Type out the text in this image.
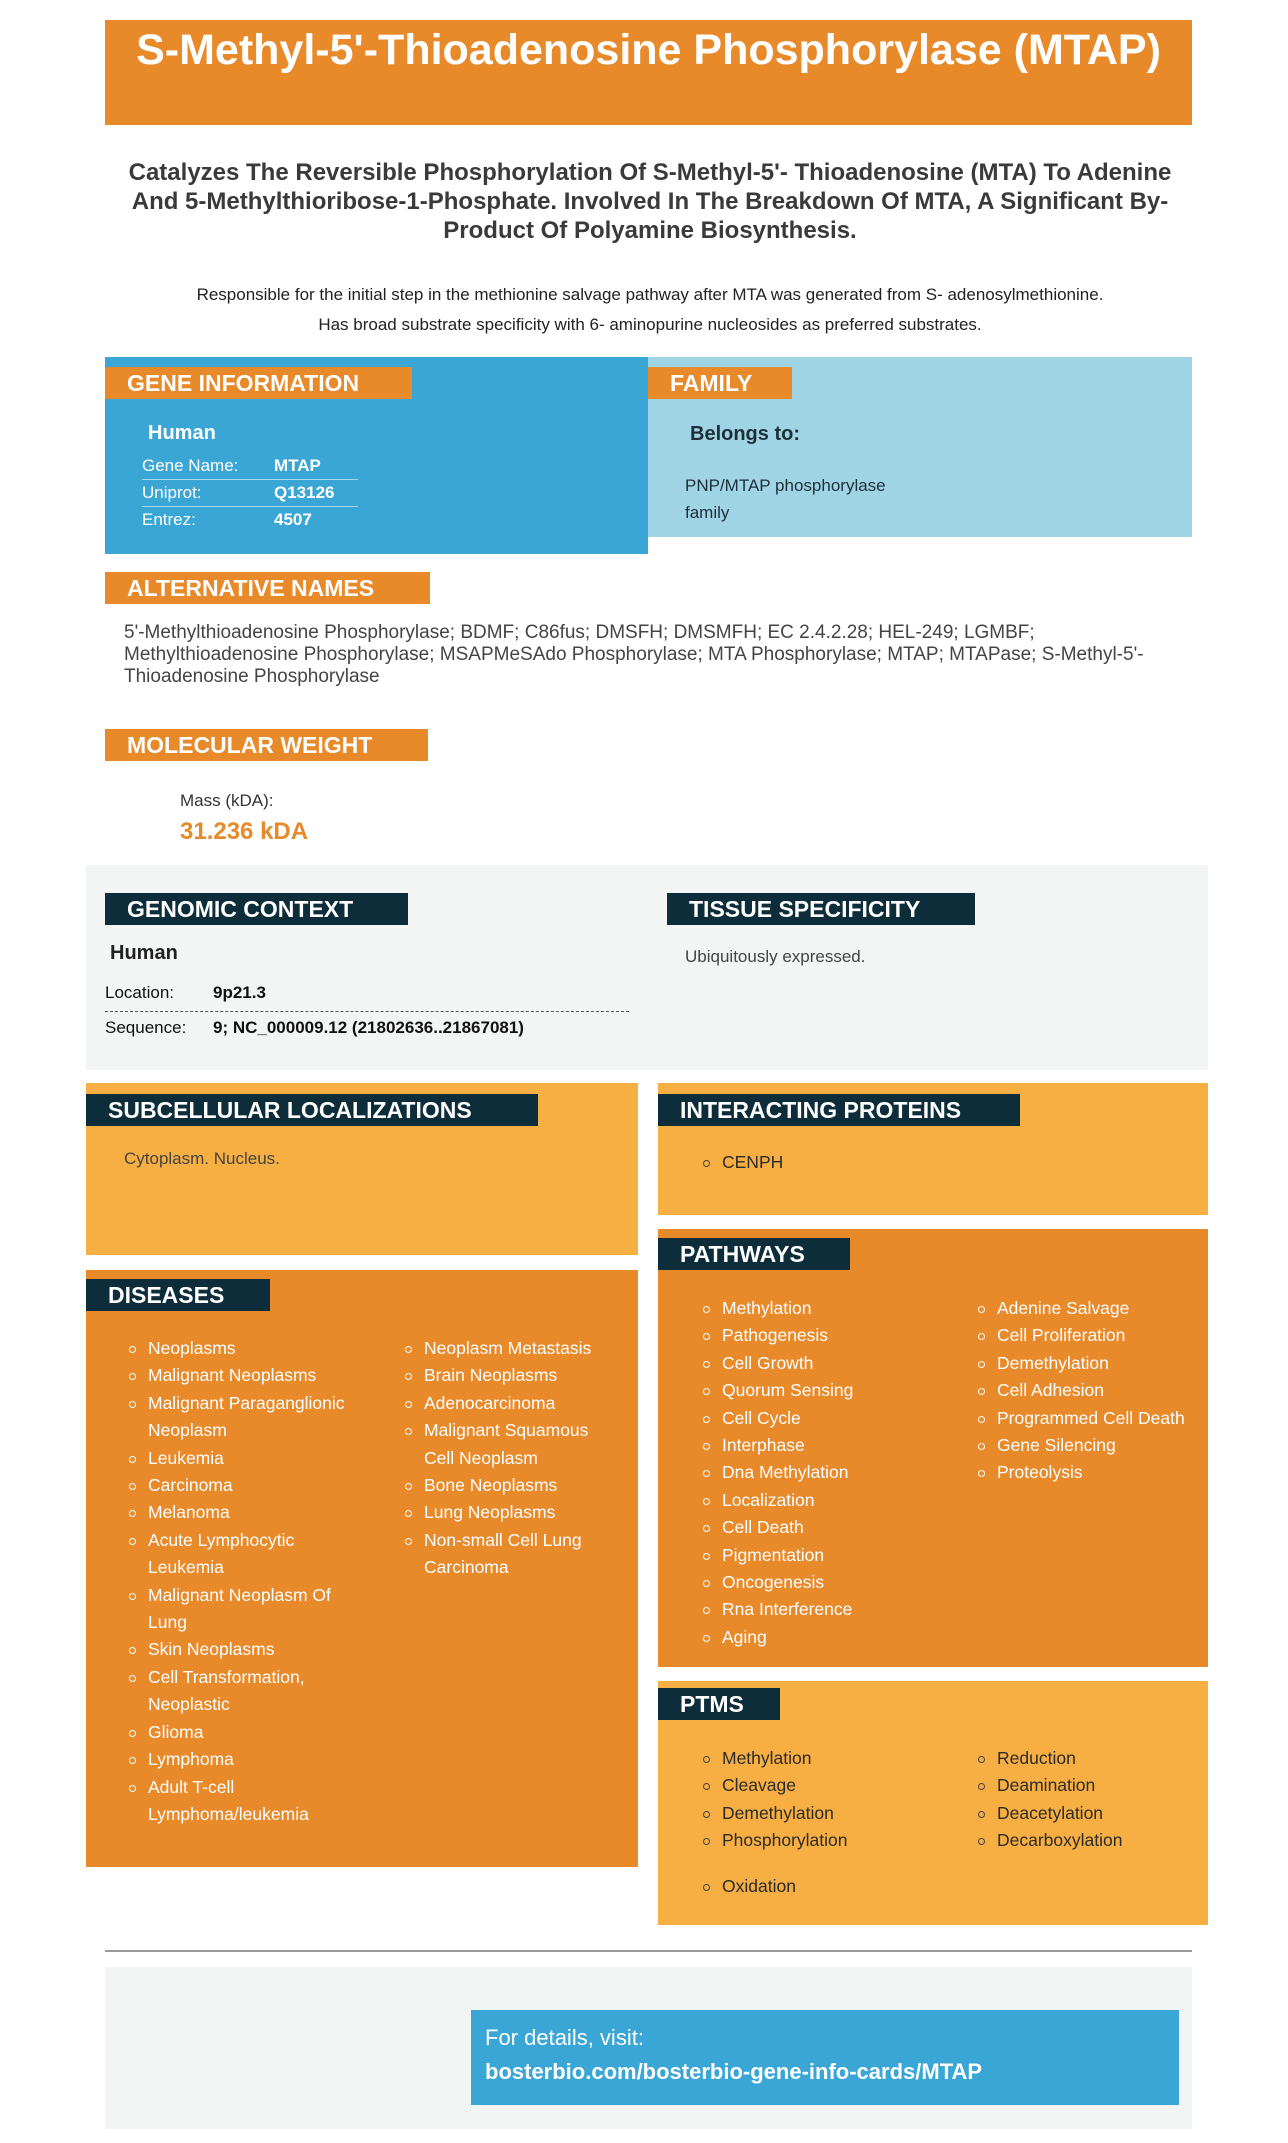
S-Methyl-5'-Thioadenosine Phosphorylase (MTAP)
Catalyzes The Reversible Phosphorylation Of S-Methyl-5'- Thioadenosine (MTA) To Adenine And 5-Methylthioribose-1-Phosphate. Involved In The Breakdown Of MTA, A Significant By-Product Of Polyamine Biosynthesis.
Responsible for the initial step in the methionine salvage pathway after MTA was generated from S- adenosylmethionine.
Has broad substrate specificity with 6- aminopurine nucleosides as preferred substrates.
GENE INFORMATION	FAMILY
Human
Gene Name: MTAP
Uniprot:	Q13126
Entrez:	4507
Belongs to:
PNP/MTAP phosphorylase
family
ALTERNATIVE NAMES
5'-Methylthioadenosine Phosphorylase; BDMF; C86fus; DMSFH; DMSMFH; EC 2.4.2.28; HEL-249; LGMBF; Methylthioadenosine Phosphorylase; MSAPMeSAdo Phosphorylase; MTA Phosphorylase; MTAP; MTAPase; S-Methyl-5'-Thioadenosine Phosphorylase
MOLECULAR WEIGHT
Mass (kDA):
31.236 kDA
GENOMIC CONTEXT	TISSUE SPECIFICITY
Human
Location: 9p21.3
Sequence: 9; NC_000009.12 (21802636..21867081)
Ubiquitously expressed.
SUBCELLULAR LOCALIZATIONS
Cytoplasm. Nucleus.
INTERACTING PROTEINS
CENPH
DISEASES
Neoplasms
Malignant Neoplasms
Malignant Paraganglionic Neoplasm
Leukemia
Carcinoma
Melanoma
Acute Lymphocytic Leukemia
Malignant Neoplasm Of Lung
Skin Neoplasms
Cell Transformation, Neoplastic
Glioma
Lymphoma
Adult T-cell Lymphoma/leukemia
Neoplasm Metastasis
Brain Neoplasms
Adenocarcinoma
Malignant Squamous Cell Neoplasm
Bone Neoplasms
Lung Neoplasms
Non-small Cell Lung Carcinoma
PATHWAYS
Methylation
Pathogenesis
Cell Growth
Quorum Sensing
Cell Cycle
Interphase
Dna Methylation
Localization
Cell Death
Pigmentation
Oncogenesis
Rna Interference
Aging
Adenine Salvage
Cell Proliferation
Demethylation
Cell Adhesion
Programmed Cell Death
Gene Silencing
Proteolysis
PTMS
Methylation
Cleavage
Demethylation
Phosphorylation
Reduction
Deamination
Deacetylation
Decarboxylation
Oxidation
For details, visit:
bosterbio.com/bosterbio-gene-info-cards/MTAP
